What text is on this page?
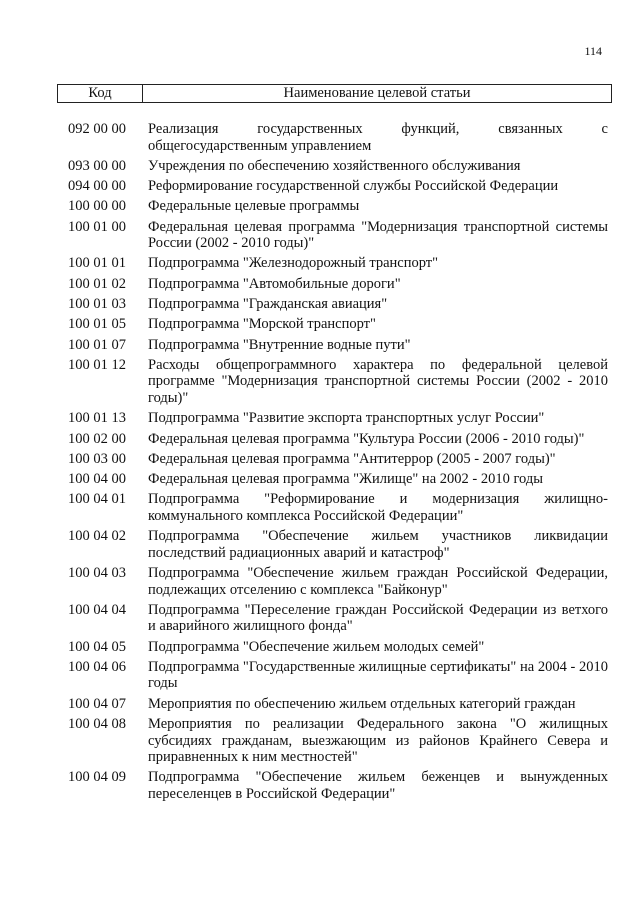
114
Код	Наименование целевой статьи
092 00 00	Реализация государственных функций, связанных с общегосударственным управлением
093 00 00	Учреждения по обеспечению хозяйственного обслуживания
094 00 00	Реформирование государственной службы Российской Федерации
100 00 00	Федеральные целевые программы
100 01 00	Федеральная целевая программа "Модернизация транспортной системы России (2002 - 2010 годы)"
100 01 01	Подпрограмма "Железнодорожный транспорт"
100 01 02	Подпрограмма "Автомобильные дороги"
100 01 03	Подпрограмма "Гражданская авиация"
100 01 05	Подпрограмма "Морской транспорт"
100 01 07	Подпрограмма "Внутренние водные пути"
100 01 12	Расходы общепрограммного характера по федеральной целевой программе "Модернизация транспортной системы России (2002 - 2010 годы)"
100 01 13	Подпрограмма "Развитие экспорта транспортных услуг России"
100 02 00	Федеральная целевая программа "Культура России (2006 - 2010 годы)"
100 03 00	Федеральная целевая программа "Антитеррор (2005 - 2007 годы)"
100 04 00	Федеральная целевая программа "Жилище" на 2002 - 2010 годы
100 04 01	Подпрограмма "Реформирование и модернизация жилищно-коммунального комплекса Российской Федерации"
100 04 02	Подпрограмма "Обеспечение жильем участников ликвидации последствий радиационных аварий и катастроф"
100 04 03	Подпрограмма "Обеспечение жильем граждан Российской Федерации, подлежащих отселению с комплекса "Байконур"
100 04 04	Подпрограмма "Переселение граждан Российской Федерации из ветхого и аварийного жилищного фонда"
100 04 05	Подпрограмма "Обеспечение жильем молодых семей"
100 04 06	Подпрограмма "Государственные жилищные сертификаты" на 2004 - 2010 годы
100 04 07	Мероприятия по обеспечению жильем отдельных категорий граждан
100 04 08	Мероприятия по реализации Федерального закона "О жилищных субсидиях гражданам, выезжающим из районов Крайнего Севера и приравненных к ним местностей"
100 04 09	Подпрограмма "Обеспечение жильем беженцев и вынужденных переселенцев в Российской Федерации"
